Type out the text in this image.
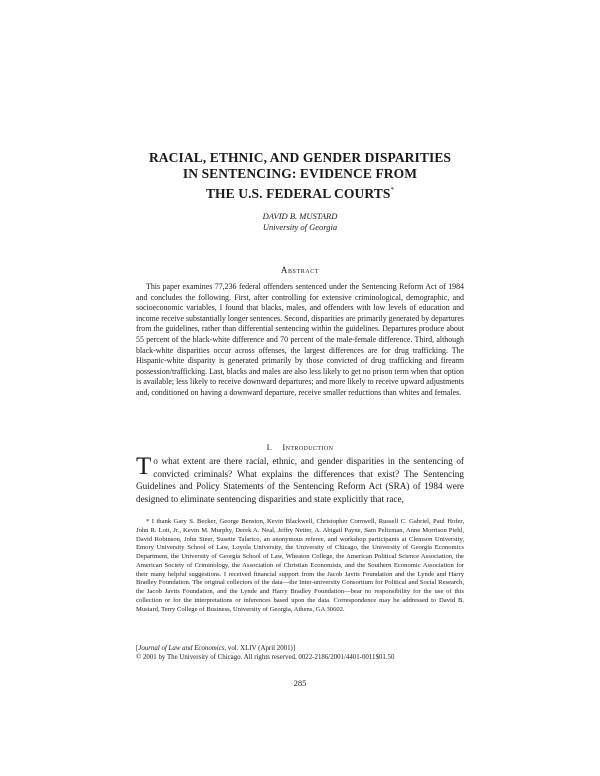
RACIAL, ETHNIC, AND GENDER DISPARITIES
IN SENTENCING: EVIDENCE FROM
THE U.S. FEDERAL COURTS*
DAVID B. MUSTARD
University of Georgia
Abstract

This paper examines 77,236 federal offenders sentenced under the Sentencing Reform Act of 1984 and concludes the following. First, after controlling for extensive criminological, demographic, and socioeconomic variables, I found that blacks, males, and offenders with low levels of education and income receive substantially longer sentences. Second, disparities are primarily generated by departures from the guidelines, rather than differential sentencing within the guidelines. Departures produce about 55 percent of the black-white difference and 70 percent of the male-female difference. Third, although black-white disparities occur across offenses, the largest differences are for drug trafficking. The Hispanic-white disparity is generated primarily by those convicted of drug trafficking and firearm possession/trafficking. Last, blacks and males are also less likely to get no prison term when that option is available; less likely to receive downward departures; and more likely to receive upward adjustments and, conditioned on having a downward departure, receive smaller reductions than whites and females.

I. Introduction

To what extent are there racial, ethnic, and gender disparities in the sentencing of convicted criminals? What explains the differences that exist? The Sentencing Guidelines and Policy Statements of the Sentencing Reform Act (SRA) of 1984 were designed to eliminate sentencing disparities and state explicitly that race,

* I thank Gary S. Becker, George Benston, Kevin Blackwell, Christopher Cornwell, Russell C. Gabriel, Paul Hofer, John R. Lott, Jr., Kevin M. Murphy, Derek A. Neal, Jeffry Netter, A. Abigail Payne, Sam Peltzman, Anne Morrison Piehl, David Robinson, John Steer, Susette Talarico, an anonymous referee, and workshop participants at Clemson University, Emory University School of Law, Loyola University, the University of Chicago, the University of Georgia Economics Department, the University of Georgia School of Law, Wheaton College, the American Political Science Association, the American Society of Criminology, the Association of Christian Economists, and the Southern Economic Association for their many helpful suggestions. I received financial support from the Jacob Javits Foundation and the Lynde and Harry Bradley Foundation. The original collectors of the data—the Inter-university Consortium for Political and Social Research, the Jacob Javits Foundation, and the Lynde and Harry Bradley Foundation—bear no responsibility for the use of this collection or for the interpretations or inferences based upon the data. Correspondence may be addressed to David B. Mustard, Terry College of Business, University of Georgia, Athens, GA 30602.

[Journal of Law and Economics, vol. XLIV (April 2001)]
© 2001 by The University of Chicago. All rights reserved. 0022-2186/2001/4401-0011$01.50
285
